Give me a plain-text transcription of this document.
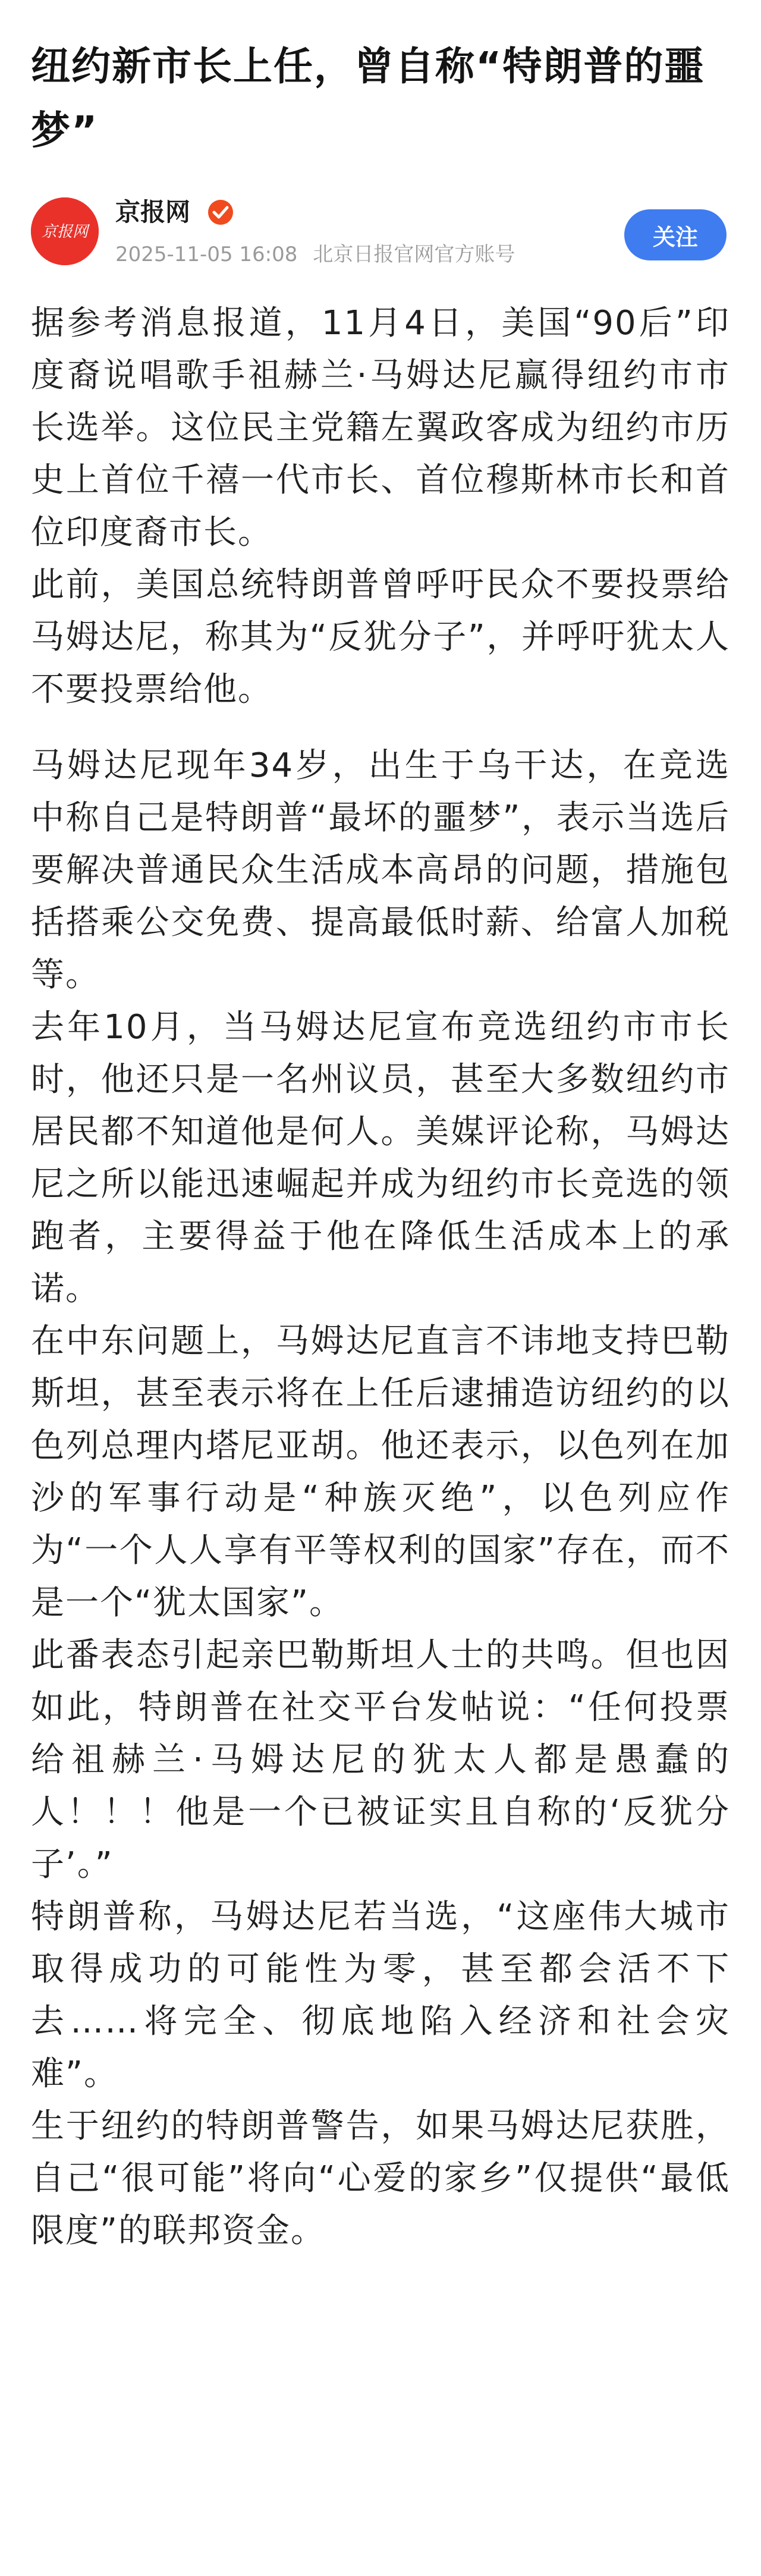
纽约新市长上任，曾自称“特朗普的噩梦”
京报网
京报网
2025-11-05 16:08 北京日报官网官方账号
关注

据参考消息报道，11月4日，美国“90后”印度裔说唱歌手祖赫兰·马姆达尼赢得纽约市市长选举。这位民主党籍左翼政客成为纽约市历史上首位千禧一代市长、首位穆斯林市长和首位印度裔市长。

此前，美国总统特朗普曾呼吁民众不要投票给马姆达尼，称其为“反犹分子”，并呼吁犹太人不要投票给他。

马姆达尼现年34岁，出生于乌干达，在竞选中称自己是特朗普“最坏的噩梦”，表示当选后要解决普通民众生活成本高昂的问题，措施包括搭乘公交免费、提高最低时薪、给富人加税等。

去年10月，当马姆达尼宣布竞选纽约市市长时，他还只是一名州议员，甚至大多数纽约市居民都不知道他是何人。美媒评论称，马姆达尼之所以能迅速崛起并成为纽约市长竞选的领跑者，主要得益于他在降低生活成本上的承诺。

在中东问题上，马姆达尼直言不讳地支持巴勒斯坦，甚至表示将在上任后逮捕造访纽约的以色列总理内塔尼亚胡。他还表示，以色列在加沙的军事行动是“种族灭绝”，以色列应作为“一个人人享有平等权利的国家”存在，而不是一个“犹太国家”。

此番表态引起亲巴勒斯坦人士的共鸣。但也因如此，特朗普在社交平台发帖说：“任何投票给祖赫兰·马姆达尼的犹太人都是愚蠢的人！！！他是一个已被证实且自称的‘反犹分子’。”

特朗普称，马姆达尼若当选，“这座伟大城市取得成功的可能性为零，甚至都会活不下去……将完全、彻底地陷入经济和社会灾难”。

生于纽约的特朗普警告，如果马姆达尼获胜，自己“很可能”将向“心爱的家乡”仅提供“最低限度”的联邦资金。
